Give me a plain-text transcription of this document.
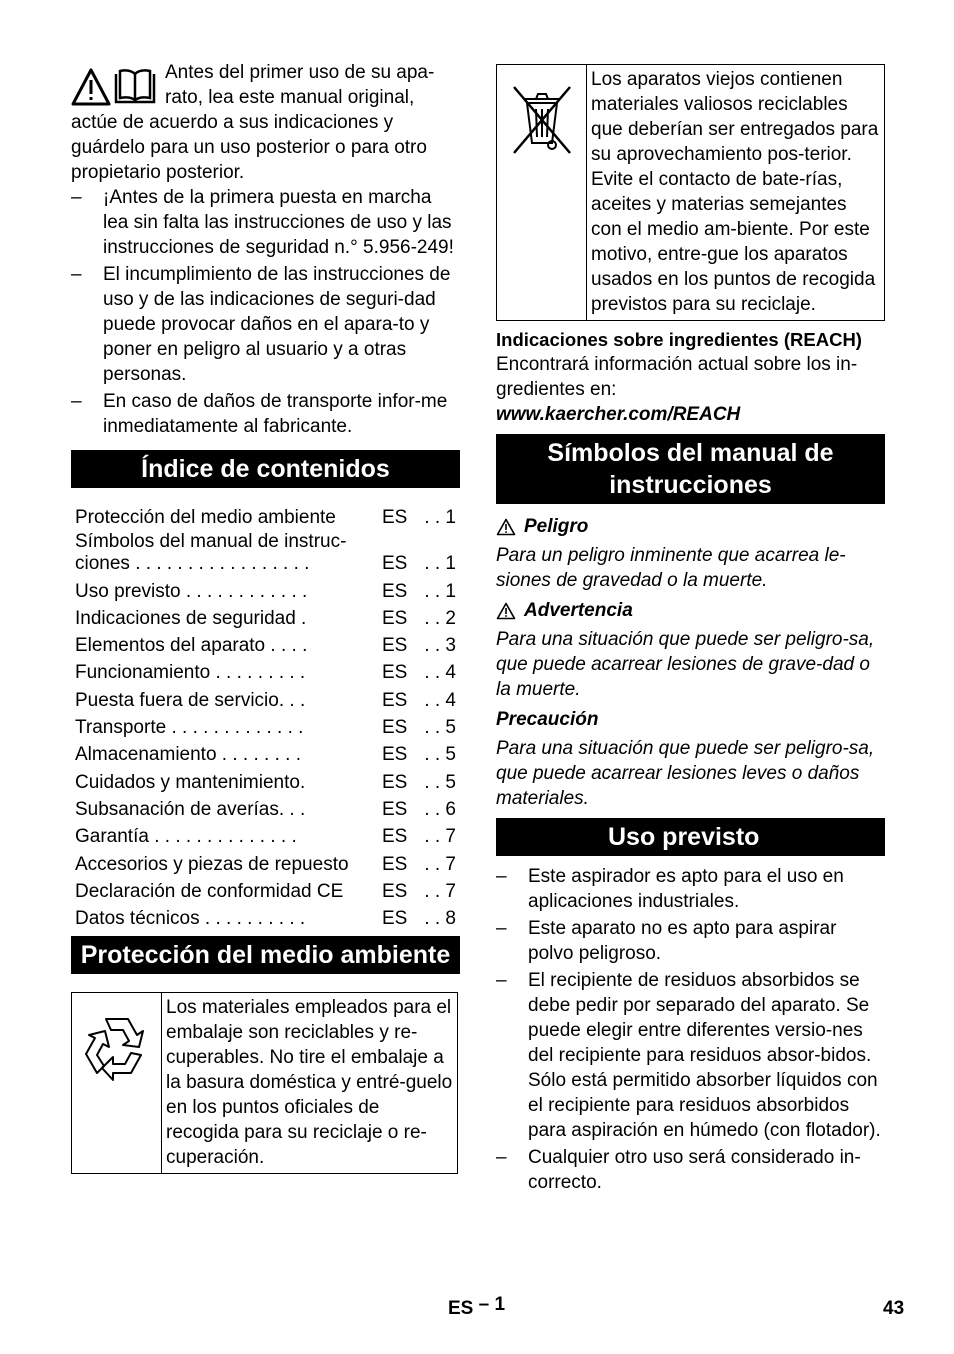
Antes del primer uso de su apa-

rato, lea este manual original,

actúe de acuerdo a sus indicaciones y

guárdelo para un uso posterior o para otro

propietario posterior.

– ¡Antes de la primera puesta en marcha lea sin falta las instrucciones de uso y las instrucciones de seguridad n.° 5.956-249!
– El incumplimiento de las instrucciones de uso y de las indicaciones de seguri-dad puede provocar daños en el apara-to y poner en peligro al usuario y a otras personas.
– En caso de daños de transporte infor-me inmediatamente al fabricante.
Índice de contenidos
Protección del medio ambiente	ES . . 1
Símbolos del manual de instruc-ciones . . . . . . . . . . . . . . . . .	ES . . 1
Uso previsto . . . . . . . . . . . .	ES . . 1
Indicaciones de seguridad .	ES . . 2
Elementos del aparato . . . .	ES . . 3
Funcionamiento . . . . . . . . .	ES . . 4
Puesta fuera de servicio. . .	ES . . 4
Transporte . . . . . . . . . . . . .	ES . . 5
Almacenamiento . . . . . . . .	ES . . 5
Cuidados y mantenimiento.	ES . . 5
Subsanación de averías. . .	ES . . 6
Garantía . . . . . . . . . . . . . .	ES . . 7
Accesorios y piezas de repuesto	ES . . 7
Declaración de conformidad CE	ES . . 7
Datos técnicos . . . . . . . . . .	ES . . 8
Protección del medio ambiente
Los materiales empleados para el embalaje son reciclables y re-cuperables. No tire el embalaje a la basura doméstica y entré-guelo en los puntos oficiales de recogida para su reciclaje o re-cuperación.
Los aparatos viejos contienen materiales valiosos reciclables que deberían ser entregados para su aprovechamiento pos-terior. Evite el contacto de bate-rías, aceites y materias semejantes con el medio am-biente. Por este motivo, entre-gue los aparatos usados en los puntos de recogida previstos para su reciclaje.

Indicaciones sobre ingredientes (REACH)

Encontrará información actual sobre los in-gredientes en:

www.kaercher.com/REACH

Símbolos del manual de instrucciones
Peligro

Para un peligro inminente que acarrea le-siones de gravedad o la muerte.

Advertencia

Para una situación que puede ser peligro-sa, que puede acarrear lesiones de grave-dad o la muerte.

Precaución

Para una situación que puede ser peligro-sa, que puede acarrear lesiones leves o daños materiales.

Uso previsto
– Este aspirador es apto para el uso en aplicaciones industriales.
– Este aparato no es apto para aspirar polvo peligroso.
– El recipiente de residuos absorbidos se debe pedir por separado del aparato. Se puede elegir entre diferentes versio-nes del recipiente para residuos absor-bidos. Sólo está permitido absorber líquidos con el recipiente para residuos absorbidos para aspiración en húmedo (con flotador).
– Cualquier otro uso será considerado in-correcto.
ES – 1	43
